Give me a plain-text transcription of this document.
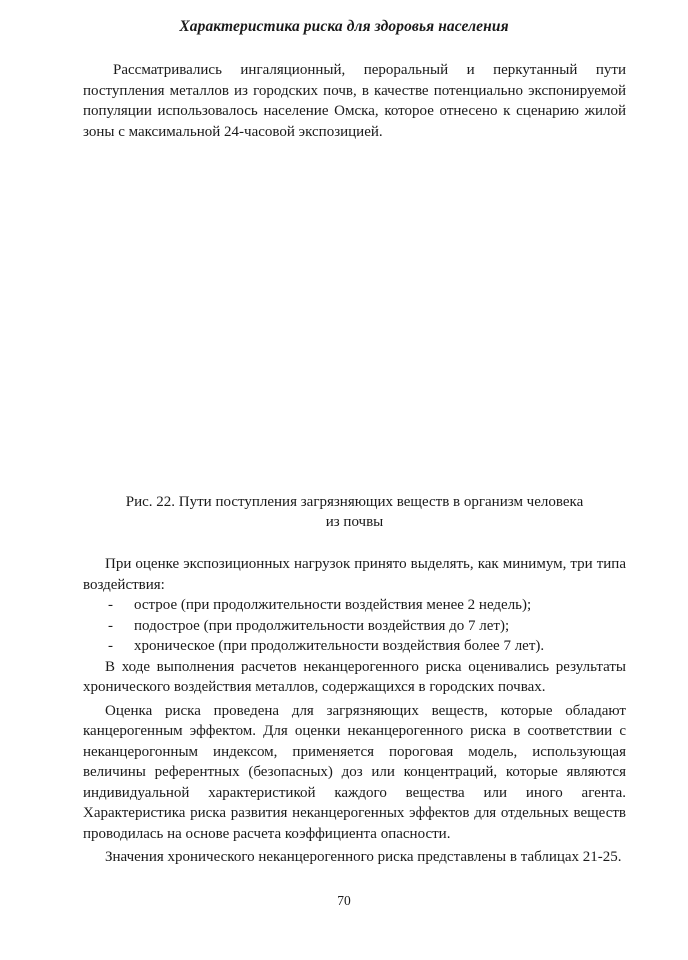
Характеристика риска для здоровья населения
Рассматривались ингаляционный, пероральный и перкутанный пути поступления металлов из городских почв, в качестве потенциально экспонируемой популяции использовалось население Омска, которое отнесено к сценарию жилой зоны с максимальной 24-часовой экспозицией.
Рис. 22. Пути поступления загрязняющих веществ в организм человека
из почвы

При оценке экспозиционных нагрузок принято выделять, как минимум, три типа воздействия:

-	острое (при продолжительности воздействия менее 2 недель);
-	подострое (при продолжительности воздействия до 7 лет);
-	хроническое (при продолжительности воздействия более 7 лет).

В ходе выполнения расчетов неканцерогенного риска оценивались результаты хронического воздействия металлов, содержащихся в городских почвах.

Оценка риска проведена для загрязняющих веществ, которые обладают канцерогенным эффектом. Для оценки неканцерогенного риска в соответствии с неканцерогонным индексом, применяется пороговая модель, использующая величины референтных (безопасных) доз или концентраций, которые являются индивидуальной характеристикой каждого вещества или иного агента. Характеристика риска развития неканцерогенных эффектов для отдельных веществ проводилась на основе расчета коэффициента опасности.

Значения хронического неканцерогенного риска представлены в таблицах 21-25.

70
